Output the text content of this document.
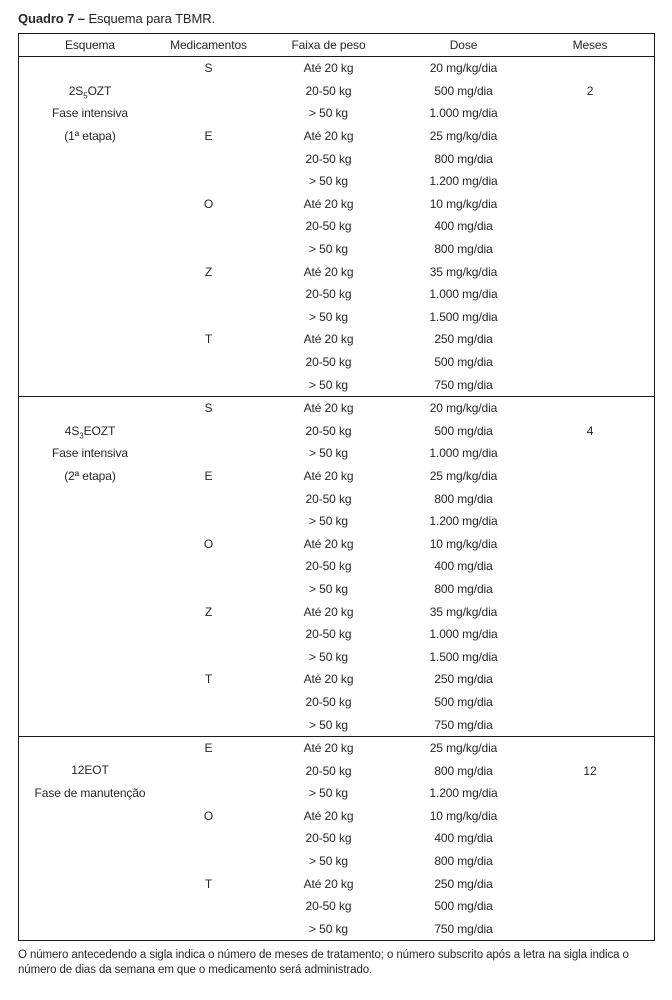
Quadro 7 – Esquema para TBMR.
Esquema	Medicamentos	Faixa de peso	Dose	Meses
$2S_5OZT$
Fase intensiva
(1ª etapa)
S	Até 20 kg	20 mg/kg/dia
20-50 kg	500 mg/dia
> 50 kg	1.000 mg/dia
E	Até 20 kg	25 mg/kg/dia
20-50 kg	800 mg/dia
> 50 kg	1.200 mg/dia
O	Até 20 kg	10 mg/kg/dia
20-50 kg	400 mg/dia
> 50 kg	800 mg/dia
Z	Até 20 kg	35 mg/kg/dia
20-50 kg	1.000 mg/dia
> 50 kg	1.500 mg/dia
T	Até 20 kg	250 mg/dia
20-50 kg	500 mg/dia
> 50 kg	750 mg/dia
2
$4S_3EOZT$
Fase intensiva
(2ª etapa)
S	Até 20 kg	20 mg/kg/dia
20-50 kg	500 mg/dia
> 50 kg	1.000 mg/dia
E	Até 20 kg	25 mg/kg/dia
20-50 kg	800 mg/dia
> 50 kg	1.200 mg/dia
O	Até 20 kg	10 mg/kg/dia
20-50 kg	400 mg/dia
> 50 kg	800 mg/dia
Z	Até 20 kg	35 mg/kg/dia
20-50 kg	1.000 mg/dia
> 50 kg	1.500 mg/dia
T	Até 20 kg	250 mg/dia
20-50 kg	500 mg/dia
> 50 kg	750 mg/dia
4
12EOT
Fase de manutenção
E	Até 20 kg	25 mg/kg/dia
20-50 kg	800 mg/dia
> 50 kg	1.200 mg/dia
O	Até 20 kg	10 mg/kg/dia
20-50 kg	400 mg/dia
> 50 kg	800 mg/dia
T	Até 20 kg	250 mg/dia
20-50 kg	500 mg/dia
> 50 kg	750 mg/dia
12
O número antecedendo a sigla indica o número de meses de tratamento; o número subscrito após a letra na sigla indica o número de dias da semana em que o medicamento será administrado.
